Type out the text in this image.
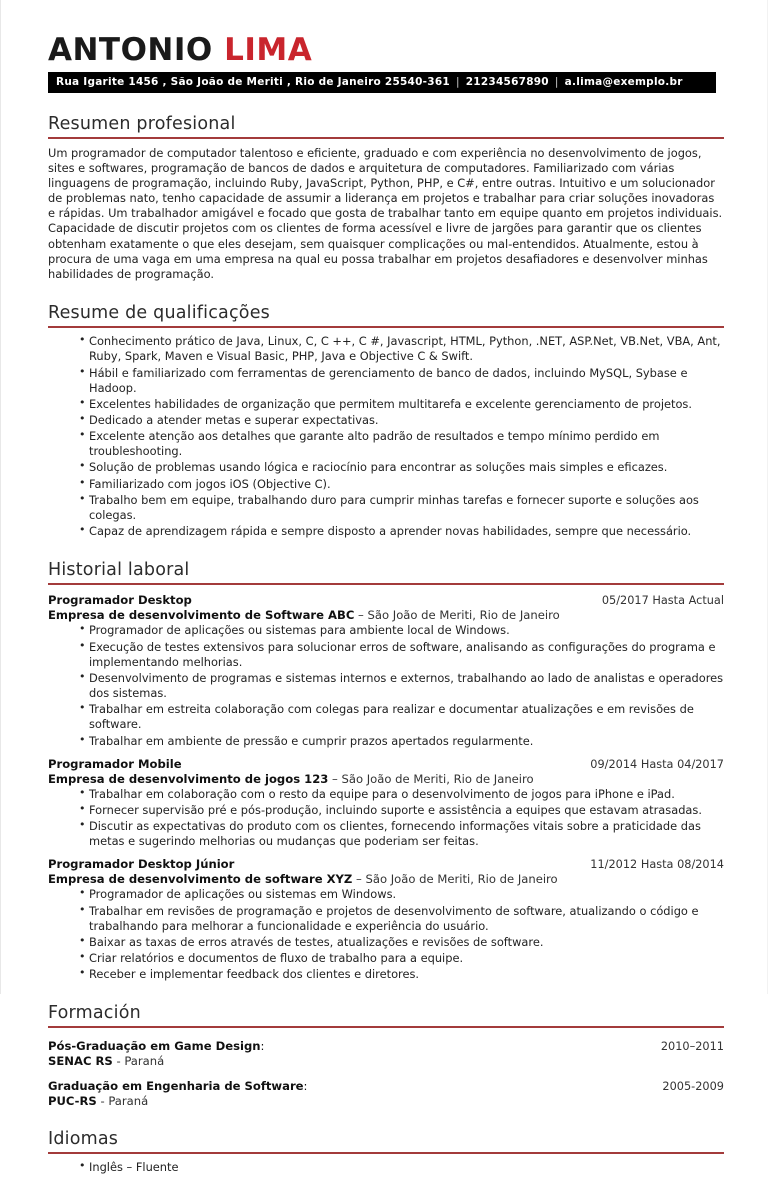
ANTONIO LIMA
Rua Igarite 1456 , São João de Meriti , Rio de Janeiro 25540-361 | 21234567890 | a.lima@exemplo.br
Resumen profesional
Um programador de computador talentoso e eficiente, graduado e com experiência no desenvolvimento de jogos, sites e softwares, programação de bancos de dados e arquitetura de computadores. Familiarizado com várias linguagens de programação, incluindo Ruby, JavaScript, Python, PHP, e C#, entre outras. Intuitivo e um solucionador de problemas nato, tenho capacidade de assumir a liderança em projetos e trabalhar para criar soluções inovadoras e rápidas. Um trabalhador amigável e focado que gosta de trabalhar tanto em equipe quanto em projetos individuais. Capacidade de discutir projetos com os clientes de forma acessível e livre de jargões para garantir que os clientes obtenham exatamente o que eles desejam, sem quaisquer complicações ou mal-entendidos. Atualmente, estou à procura de uma vaga em uma empresa na qual eu possa trabalhar em projetos desafiadores e desenvolver minhas habilidades de programação.
Resume de qualificações
• Conhecimento prático de Java, Linux, C, C ++, C #, Javascript, HTML, Python, .NET, ASP.Net, VB.Net, VBA, Ant, Ruby, Spark, Maven e Visual Basic, PHP, Java e Objective C & Swift.
• Hábil e familiarizado com ferramentas de gerenciamento de banco de dados, incluindo MySQL, Sybase e Hadoop.
• Excelentes habilidades de organização que permitem multitarefa e excelente gerenciamento de projetos.
• Dedicado a atender metas e superar expectativas.
• Excelente atenção aos detalhes que garante alto padrão de resultados e tempo mínimo perdido em troubleshooting.
• Solução de problemas usando lógica e raciocínio para encontrar as soluções mais simples e eficazes.
• Familiarizado com jogos iOS (Objective C).
• Trabalho bem em equipe, trabalhando duro para cumprir minhas tarefas e fornecer suporte e soluções aos colegas.
• Capaz de aprendizagem rápida e sempre disposto a aprender novas habilidades, sempre que necessário.
Historial laboral
Programador Desktop	05/2017 Hasta Actual
Empresa de desenvolvimento de Software ABC – São João de Meriti, Rio de Janeiro
• Programador de aplicações ou sistemas para ambiente local de Windows.
• Execução de testes extensivos para solucionar erros de software, analisando as configurações do programa e implementando melhorias.
• Desenvolvimento de programas e sistemas internos e externos, trabalhando ao lado de analistas e operadores dos sistemas.
• Trabalhar em estreita colaboração com colegas para realizar e documentar atualizações e em revisões de software.
• Trabalhar em ambiente de pressão e cumprir prazos apertados regularmente.
Programador Mobile	09/2014 Hasta 04/2017
Empresa de desenvolvimento de jogos 123 – São João de Meriti, Rio de Janeiro
• Trabalhar em colaboração com o resto da equipe para o desenvolvimento de jogos para iPhone e iPad.
• Fornecer supervisão pré e pós-produção, incluindo suporte e assistência a equipes que estavam atrasadas.
• Discutir as expectativas do produto com os clientes, fornecendo informações vitais sobre a praticidade das metas e sugerindo melhorias ou mudanças que poderiam ser feitas.
Programador Desktop Júnior	11/2012 Hasta 08/2014
Empresa de desenvolvimento de software XYZ – São João de Meriti, Rio de Janeiro
• Programador de aplicações ou sistemas em Windows.
• Trabalhar em revisões de programação e projetos de desenvolvimento de software, atualizando o código e trabalhando para melhorar a funcionalidade e experiência do usuário.
• Baixar as taxas de erros através de testes, atualizações e revisões de software.
• Criar relatórios e documentos de fluxo de trabalho para a equipe.
• Receber e implementar feedback dos clientes e diretores.
Formación
Pós-Graduação em Game Design:	2010–2011
SENAC RS - Paraná
Graduação em Engenharia de Software:	2005-2009
PUC-RS - Paraná
Idiomas
• Inglês – Fluente
